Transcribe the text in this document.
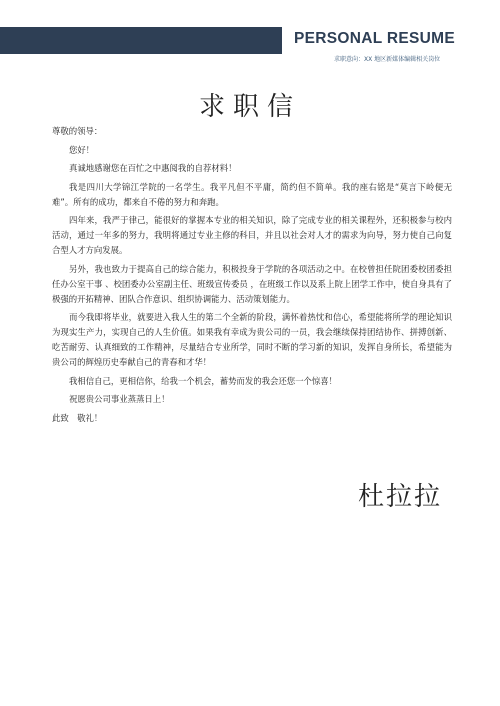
PERSONAL RESUME
求职意向：XX 地区新媒体编辑相关岗位
求职信

尊敬的领导：

您好！

真诚地感谢您在百忙之中惠阅我的自荐材料！

我是四川大学锦江学院的一名学生。我平凡但不平庸，简约但不简单。我的座右铭是“莫言下岭便无难”。所有的成功，都来自不倦的努力和奔跑。

四年来，我严于律己，能很好的掌握本专业的相关知识，除了完成专业的相关课程外，还积极参与校内活动，通过一年多的努力，我明将通过专业主修的科目，并且以社会对人才的需求为向导，努力使自己向复合型人才方向发展。

另外，我也致力于提高自己的综合能力，积极投身于学院的各项活动之中。在校曾担任院团委校团委担任办公室干事 、校团委办公室副主任、班级宣传委员 ，在班级工作以及系上院上团学工作中，使自身具有了极强的开拓精神、团队合作意识、组织协调能力、活动策划能力。

而今我即将毕业，就要进入我人生的第二个全新的阶段，满怀着热忱和信心，希望能将所学的理论知识为现实生产力，实现自己的人生价值。如果我有幸成为贵公司的一员，我会继续保持团结协作、拼搏创新、吃苦耐劳、认真细致的工作精神，尽量结合专业所学，同时不断的学习新的知识，发挥自身所长，希望能为贵公司的辉煌历史奉献自己的青春和才华！

我相信自己，更相信你，给我一个机会，蓄势而发的我会还您一个惊喜！

祝愿贵公司事业蒸蒸日上！

此致　敬礼！

杜拉拉
